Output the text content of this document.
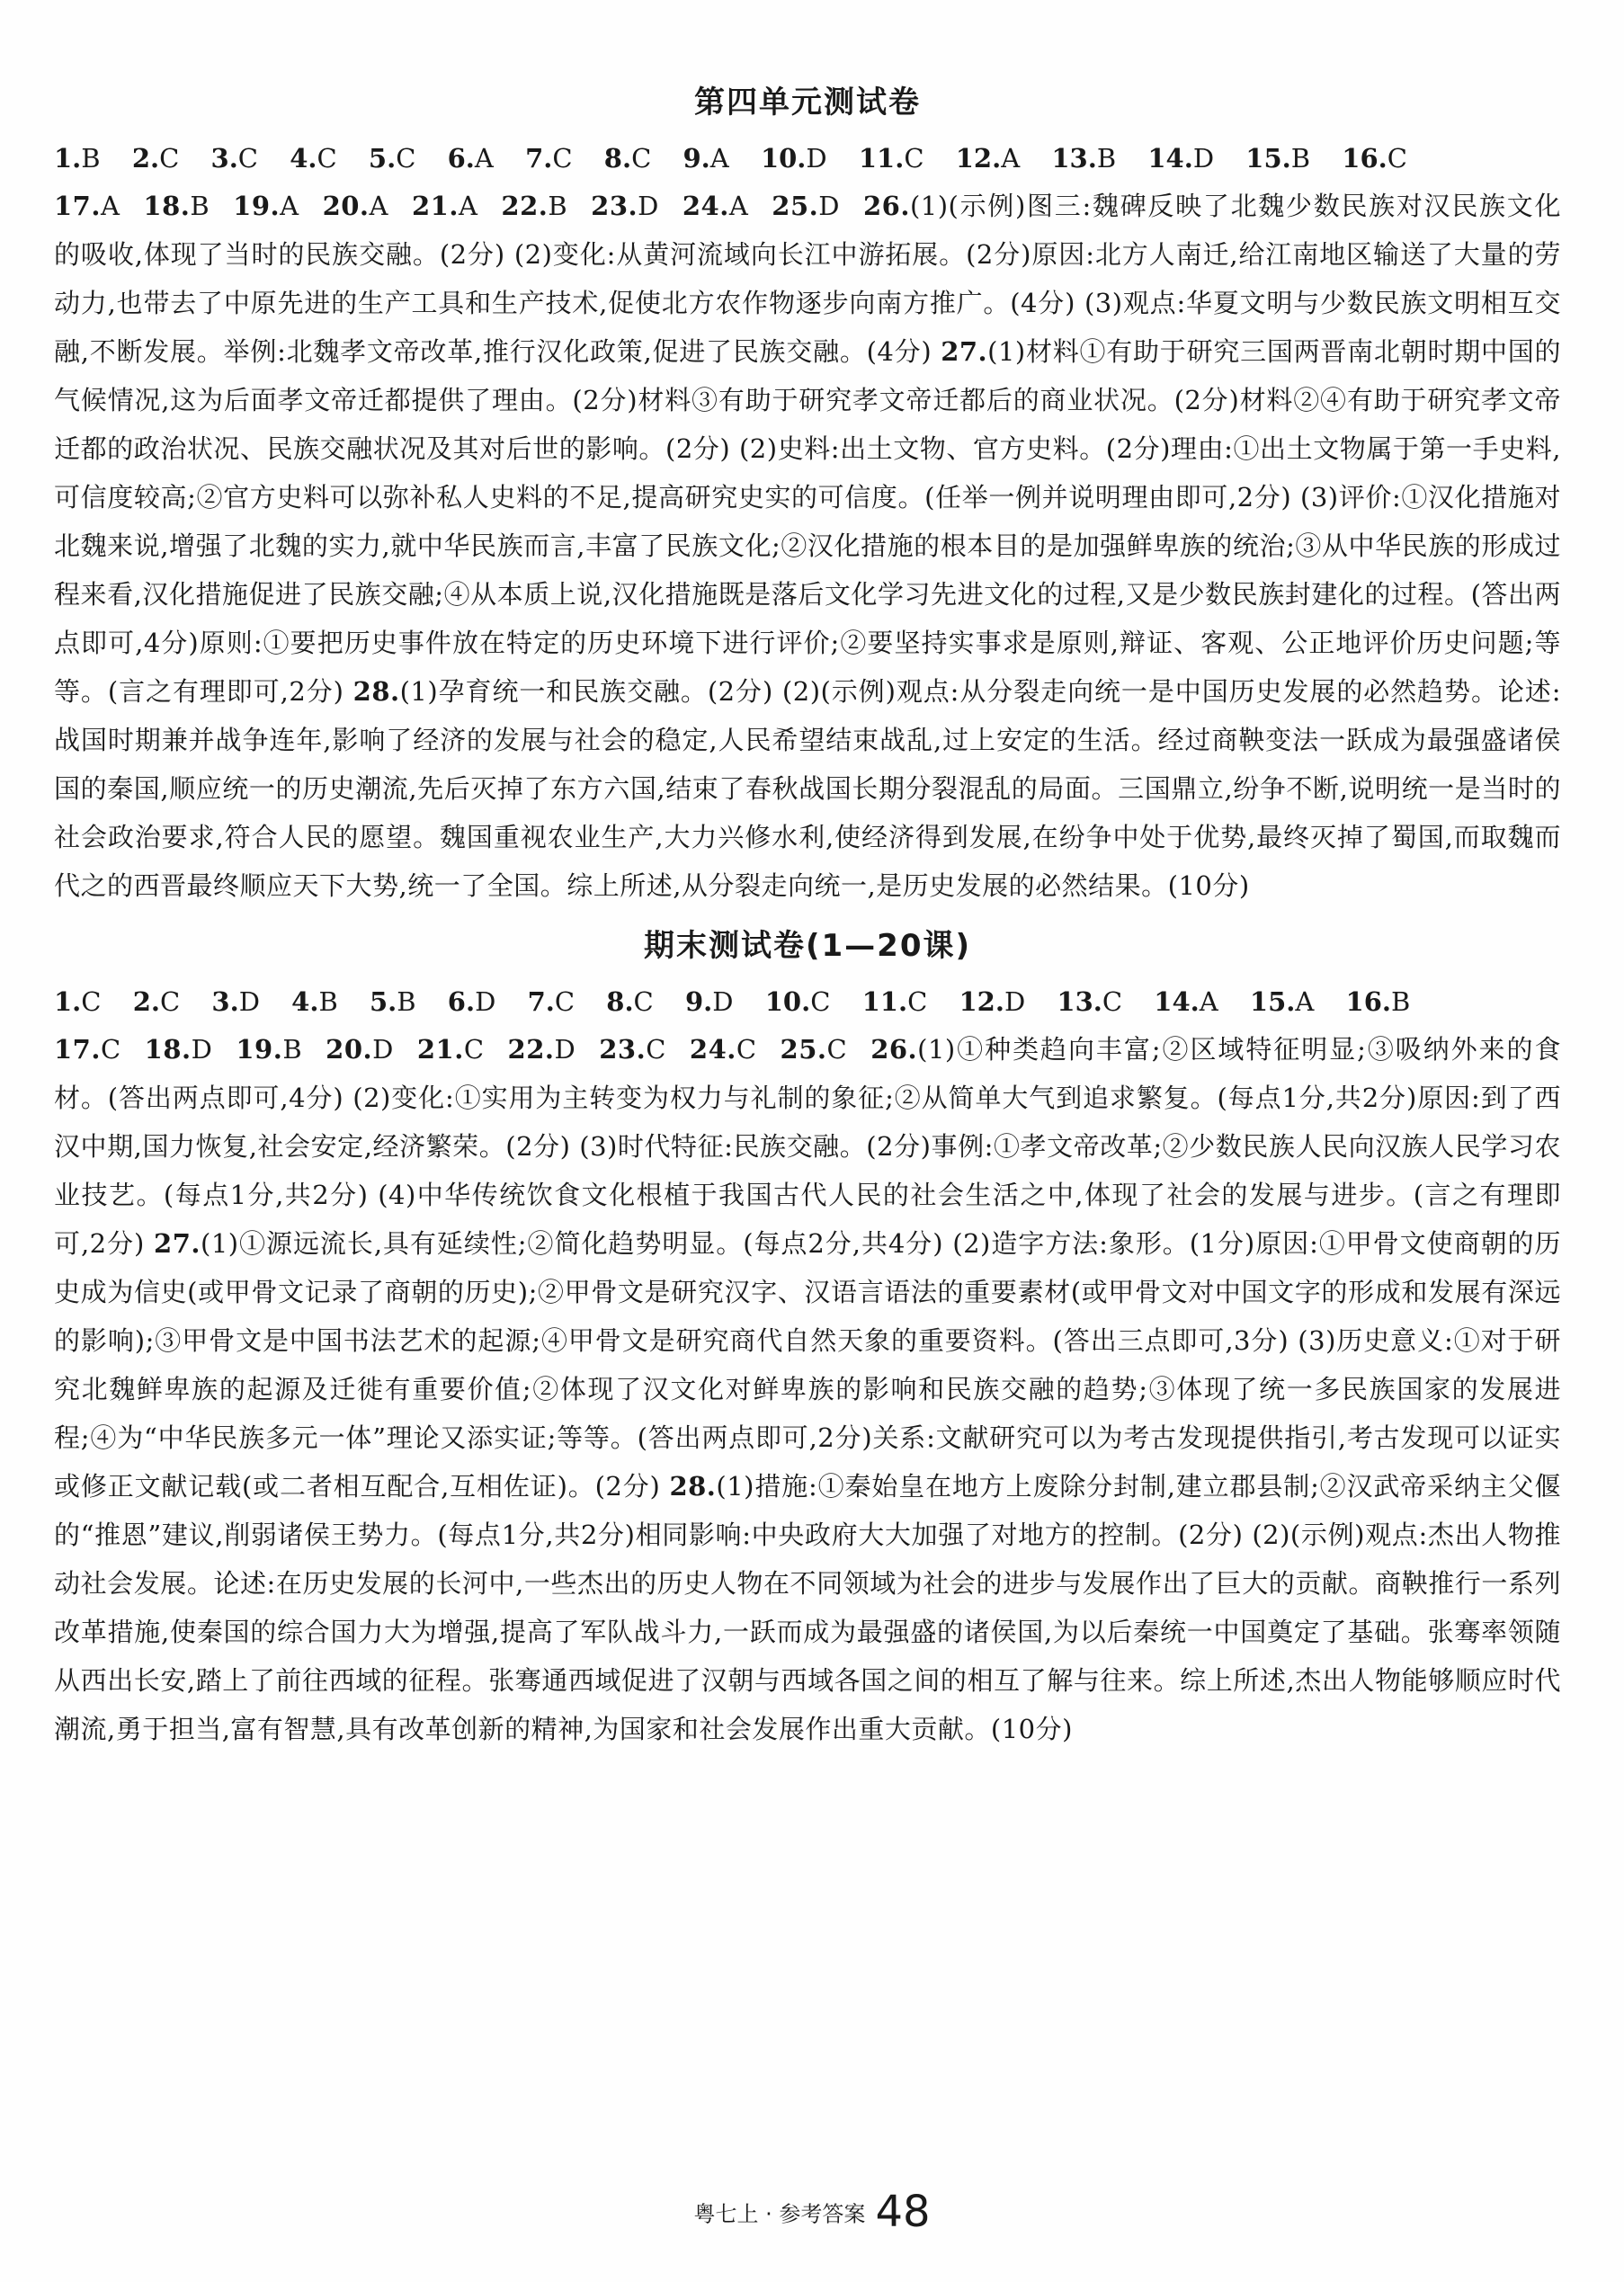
第四单元测试卷
1.B 2.C 3.C 4.C 5.C 6.A 7.C 8.C 9.A 10.D 11.C 12.A 13.B 14.D 15.B 16.C

17.A 18.B 19.A 20.A 21.A 22.B 23.D 24.A 25.D 26.(1)(示例)图三:魏碑反映了北魏少数民族对汉民族文化的吸收,体现了当时的民族交融。(2分) (2)变化:从黄河流域向长江中游拓展。(2分)原因:北方人南迁,给江南地区输送了大量的劳动力,也带去了中原先进的生产工具和生产技术,促使北方农作物逐步向南方推广。(4分) (3)观点:华夏文明与少数民族文明相互交融,不断发展。举例:北魏孝文帝改革,推行汉化政策,促进了民族交融。(4分) 27.(1)材料①有助于研究三国两晋南北朝时期中国的气候情况,这为后面孝文帝迁都提供了理由。(2分)材料③有助于研究孝文帝迁都后的商业状况。(2分)材料②④有助于研究孝文帝迁都的政治状况、民族交融状况及其对后世的影响。(2分) (2)史料:出土文物、官方史料。(2分)理由:①出土文物属于第一手史料,可信度较高;②官方史料可以弥补私人史料的不足,提高研究史实的可信度。(任举一例并说明理由即可,2分) (3)评价:①汉化措施对北魏来说,增强了北魏的实力,就中华民族而言,丰富了民族文化;②汉化措施的根本目的是加强鲜卑族的统治;③从中华民族的形成过程来看,汉化措施促进了民族交融;④从本质上说,汉化措施既是落后文化学习先进文化的过程,又是少数民族封建化的过程。(答出两点即可,4分)原则:①要把历史事件放在特定的历史环境下进行评价;②要坚持实事求是原则,辩证、客观、公正地评价历史问题;等等。(言之有理即可,2分) 28.(1)孕育统一和民族交融。(2分) (2)(示例)观点:从分裂走向统一是中国历史发展的必然趋势。论述:战国时期兼并战争连年,影响了经济的发展与社会的稳定,人民希望结束战乱,过上安定的生活。经过商鞅变法一跃成为最强盛诸侯国的秦国,顺应统一的历史潮流,先后灭掉了东方六国,结束了春秋战国长期分裂混乱的局面。三国鼎立,纷争不断,说明统一是当时的社会政治要求,符合人民的愿望。魏国重视农业生产,大力兴修水利,使经济得到发展,在纷争中处于优势,最终灭掉了蜀国,而取魏而代之的西晋最终顺应天下大势,统一了全国。综上所述,从分裂走向统一,是历史发展的必然结果。(10分)

期末测试卷(1—20课)
1.C 2.C 3.D 4.B 5.B 6.D 7.C 8.C 9.D 10.C 11.C 12.D 13.C 14.A 15.A 16.B

17.C 18.D 19.B 20.D 21.C 22.D 23.C 24.C 25.C 26.(1)①种类趋向丰富;②区域特征明显;③吸纳外来的食材。(答出两点即可,4分) (2)变化:①实用为主转变为权力与礼制的象征;②从简单大气到追求繁复。(每点1分,共2分)原因:到了西汉中期,国力恢复,社会安定,经济繁荣。(2分) (3)时代特征:民族交融。(2分)事例:①孝文帝改革;②少数民族人民向汉族人民学习农业技艺。(每点1分,共2分) (4)中华传统饮食文化根植于我国古代人民的社会生活之中,体现了社会的发展与进步。(言之有理即可,2分) 27.(1)①源远流长,具有延续性;②简化趋势明显。(每点2分,共4分) (2)造字方法:象形。(1分)原因:①甲骨文使商朝的历史成为信史(或甲骨文记录了商朝的历史);②甲骨文是研究汉字、汉语言语法的重要素材(或甲骨文对中国文字的形成和发展有深远的影响);③甲骨文是中国书法艺术的起源;④甲骨文是研究商代自然天象的重要资料。(答出三点即可,3分) (3)历史意义:①对于研究北魏鲜卑族的起源及迁徙有重要价值;②体现了汉文化对鲜卑族的影响和民族交融的趋势;③体现了统一多民族国家的发展进程;④为“中华民族多元一体”理论又添实证;等等。(答出两点即可,2分)关系:文献研究可以为考古发现提供指引,考古发现可以证实或修正文献记载(或二者相互配合,互相佐证)。(2分) 28.(1)措施:①秦始皇在地方上废除分封制,建立郡县制;②汉武帝采纳主父偃的“推恩”建议,削弱诸侯王势力。(每点1分,共2分)相同影响:中央政府大大加强了对地方的控制。(2分) (2)(示例)观点:杰出人物推动社会发展。论述:在历史发展的长河中,一些杰出的历史人物在不同领域为社会的进步与发展作出了巨大的贡献。商鞅推行一系列改革措施,使秦国的综合国力大为增强,提高了军队战斗力,一跃而成为最强盛的诸侯国,为以后秦统一中国奠定了基础。张骞率领随从西出长安,踏上了前往西域的征程。张骞通西域促进了汉朝与西域各国之间的相互了解与往来。综上所述,杰出人物能够顺应时代潮流,勇于担当,富有智慧,具有改革创新的精神,为国家和社会发展作出重大贡献。(10分)

粤七上 · 参考答案 48
